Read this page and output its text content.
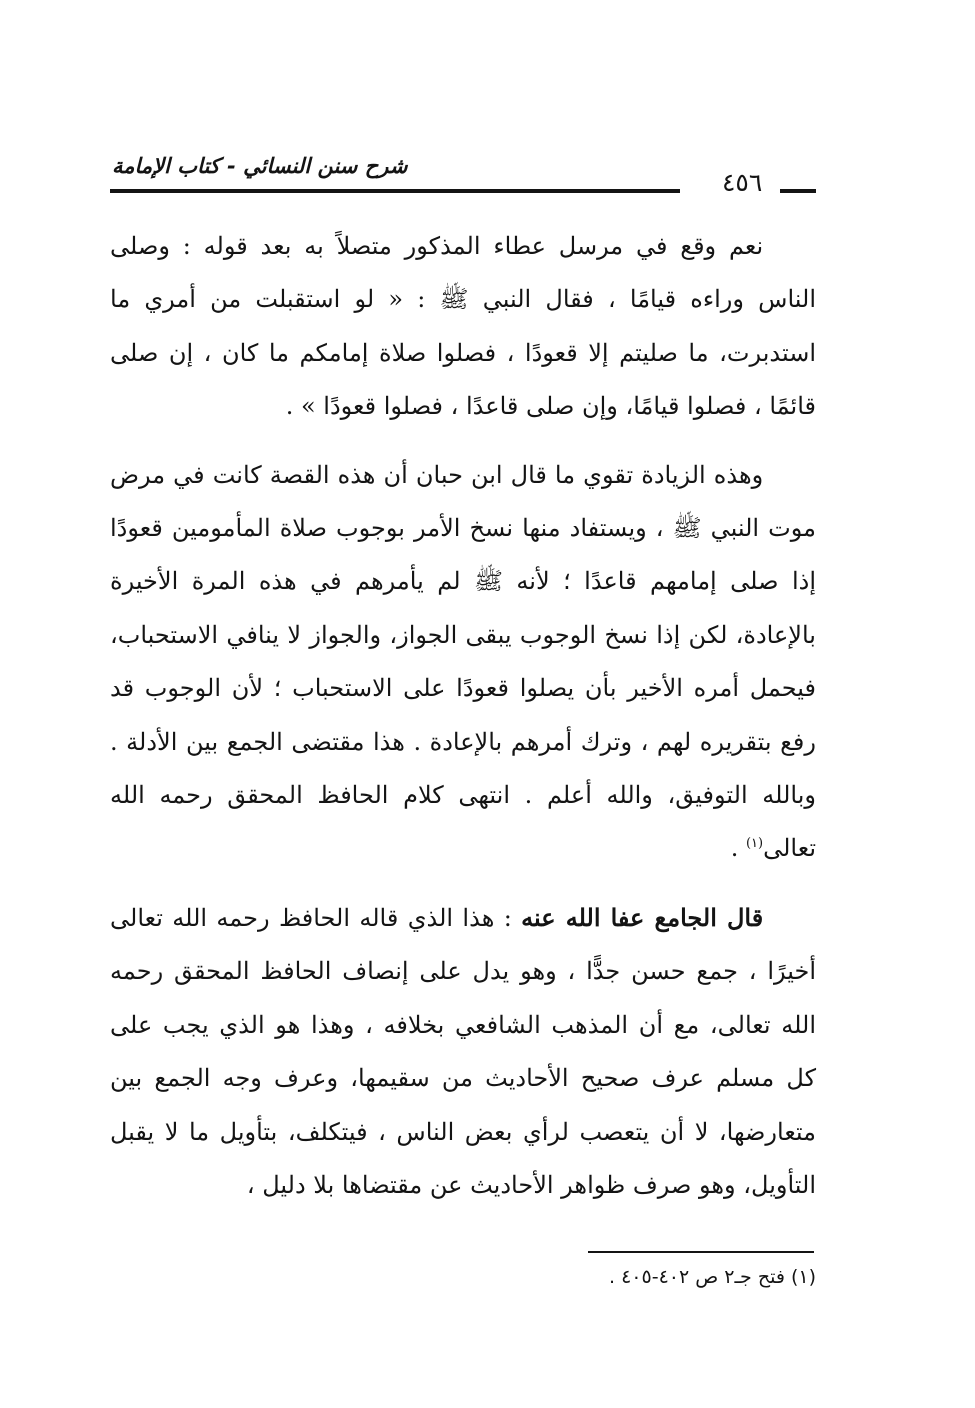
شرح سنن النسائي - كتاب الإمامة
٤٥٦

نعم وقع في مرسل عطاء المذكور متصلاً به بعد قوله : وصلى الناس وراءه قيامًا ، فقال النبي ﷺ : « لو استقبلت من أمري ما استدبرت، ما صليتم إلا قعودًا ، فصلوا صلاة إمامكم ما كان ، إن صلى قائمًا ، فصلوا قيامًا، وإن صلى قاعدًا ، فصلوا قعودًا » .

وهذه الزيادة تقوي ما قال ابن حبان أن هذه القصة كانت في مرض موت النبي ﷺ ، ويستفاد منها نسخ الأمر بوجوب صلاة المأمومين قعودًا إذا صلى إمامهم قاعدًا ؛ لأنه ﷺ لم يأمرهم في هذه المرة الأخيرة بالإعادة، لكن إذا نسخ الوجوب يبقى الجواز، والجواز لا ينافي الاستحباب، فيحمل أمره الأخير بأن يصلوا قعودًا على الاستحباب ؛ لأن الوجوب قد رفع بتقريره لهم ، وترك أمرهم بالإعادة . هذا مقتضى الجمع بين الأدلة . وبالله التوفيق، والله أعلم . انتهى كلام الحافظ المحقق رحمه الله تعالى$^{(١)}$ .

قال الجامع عفا الله عنه : هذا الذي قاله الحافظ رحمه الله تعالى أخيرًا ، جمع حسن جدًّا ، وهو يدل على إنصاف الحافظ المحقق رحمه الله تعالى، مع أن المذهب الشافعي بخلافه ، وهذا هو الذي يجب على كل مسلم عرف صحيح الأحاديث من سقيمها، وعرف وجه الجمع بين متعارضها، لا أن يتعصب لرأي بعض الناس ، فيتكلف، بتأويل ما لا يقبل التأويل، وهو صرف ظواهر الأحاديث عن مقتضاها بلا دليل ،

(١) فتح جـ٢ ص ٤٠٢-٤٠٥ .
